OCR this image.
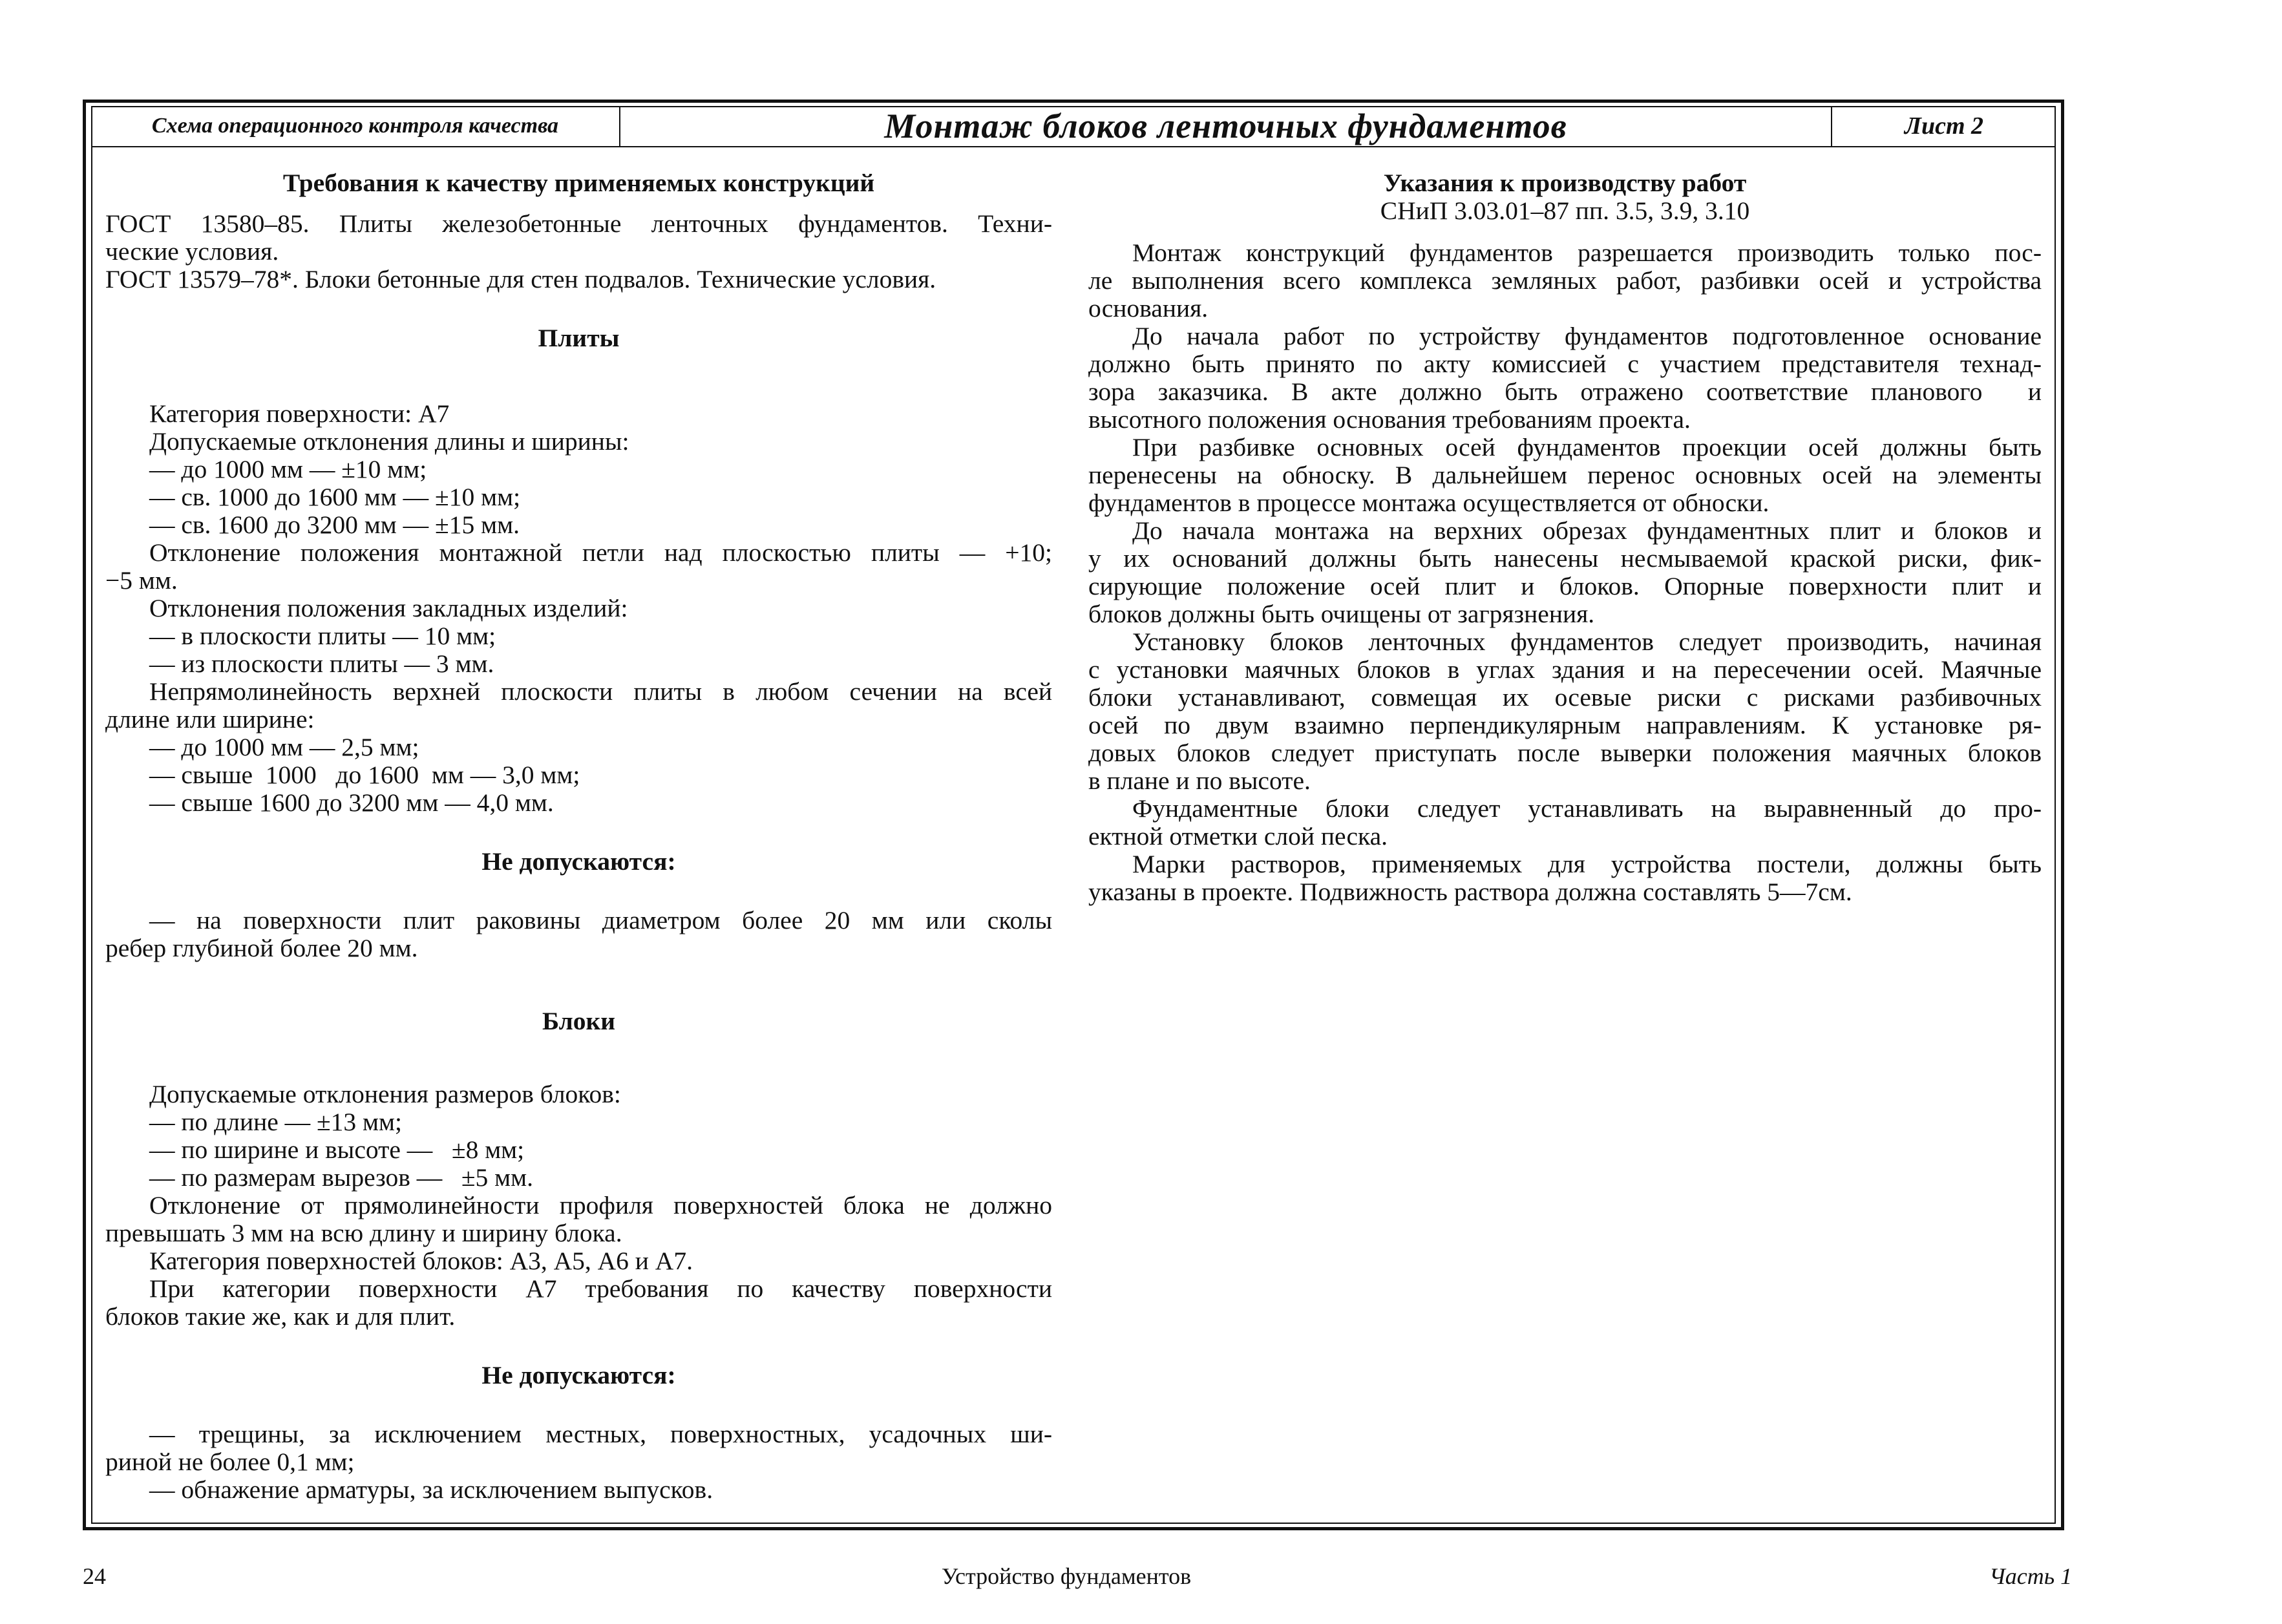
Схема операционного контроля качества	Монтаж блоков ленточных фундаментов	Лист 2
Требования к качеству применяемых конструкций
ГОСТ 13580–85. Плиты железобетонные ленточных фундаментов. Техни-
ческие условия.
ГОСТ 13579–78*. Блоки бетонные для стен подвалов. Технические условия.
Плиты
Категория поверхности: А7
Допускаемые отклонения длины и ширины:
— до 1000 мм — ±10 мм;
— св. 1000 до 1600 мм — ±10 мм;
— св. 1600 до 3200 мм — ±15 мм.
Отклонение положения монтажной петли над плоскостью плиты — +10;
−5 мм.
Отклонения положения закладных изделий:
— в плоскости плиты — 10 мм;
— из плоскости плиты — 3 мм.
Непрямолинейность верхней плоскости плиты в любом сечении на всей
длине или ширине:
— до 1000 мм — 2,5 мм;
— свыше  1000   до 1600  мм — 3,0 мм;
— свыше 1600 до 3200 мм — 4,0 мм.
Не допускаются:
— на поверхности плит раковины диаметром более 20 мм или сколы
ребер глубиной более 20 мм.
Блоки
Допускаемые отклонения размеров блоков:
— по длине — ±13 мм;
— по ширине и высоте —   ±8 мм;
— по размерам вырезов —   ±5 мм.
Отклонение от прямолинейности профиля поверхностей блока не должно
превышать 3 мм на всю длину и ширину блока.
Категория поверхностей блоков: А3, А5, А6 и А7.
При категории поверхности А7 требования по качеству поверхности
блоков такие же, как и для плит.
Не допускаются:
— трещины, за исключением местных, поверхностных, усадочных ши-
риной не более 0,1 мм;
— обнажение арматуры, за исключением выпусков.
Указания к производству работ
СНиП 3.03.01–87 пп. 3.5, 3.9, 3.10
Монтаж конструкций фундаментов разрешается производить только пос-
ле выполнения всего комплекса земляных работ, разбивки осей и устройства
основания.
До начала работ по устройству фундаментов подготовленное основание
должно быть принято по акту комиссией с участием представителя технад-
зора заказчика. В акте должно быть отражено соответствие планового  и
высотного положения основания требованиям проекта.
При разбивке основных осей фундаментов проекции осей должны быть
перенесены на обноску. В дальнейшем перенос основных осей на элементы
фундаментов в процессе монтажа осуществляется от обноски.
До начала монтажа на верхних обрезах фундаментных плит и блоков и
у их оснований должны быть нанесены несмываемой краской риски, фик-
сирующие положение осей плит и блоков. Опорные поверхности плит и
блоков должны быть очищены от загрязнения.
Установку блоков ленточных фундаментов следует производить, начиная
с установки маячных блоков в углах здания и на пересечении осей. Маячные
блоки устанавливают, совмещая их осевые риски с рисками разбивочных
осей по двум взаимно перпендикулярным направлениям. К установке ря-
довых блоков следует приступать после выверки положения маячных блоков
в плане и по высоте.
Фундаментные блоки следует устанавливать на выравненный до про-
ектной отметки слой песка.
Марки растворов, применяемых для устройства постели, должны быть
указаны в проекте. Подвижность раствора должна составлять 5—7см.
24	Устройство фундаментов	Часть 1
